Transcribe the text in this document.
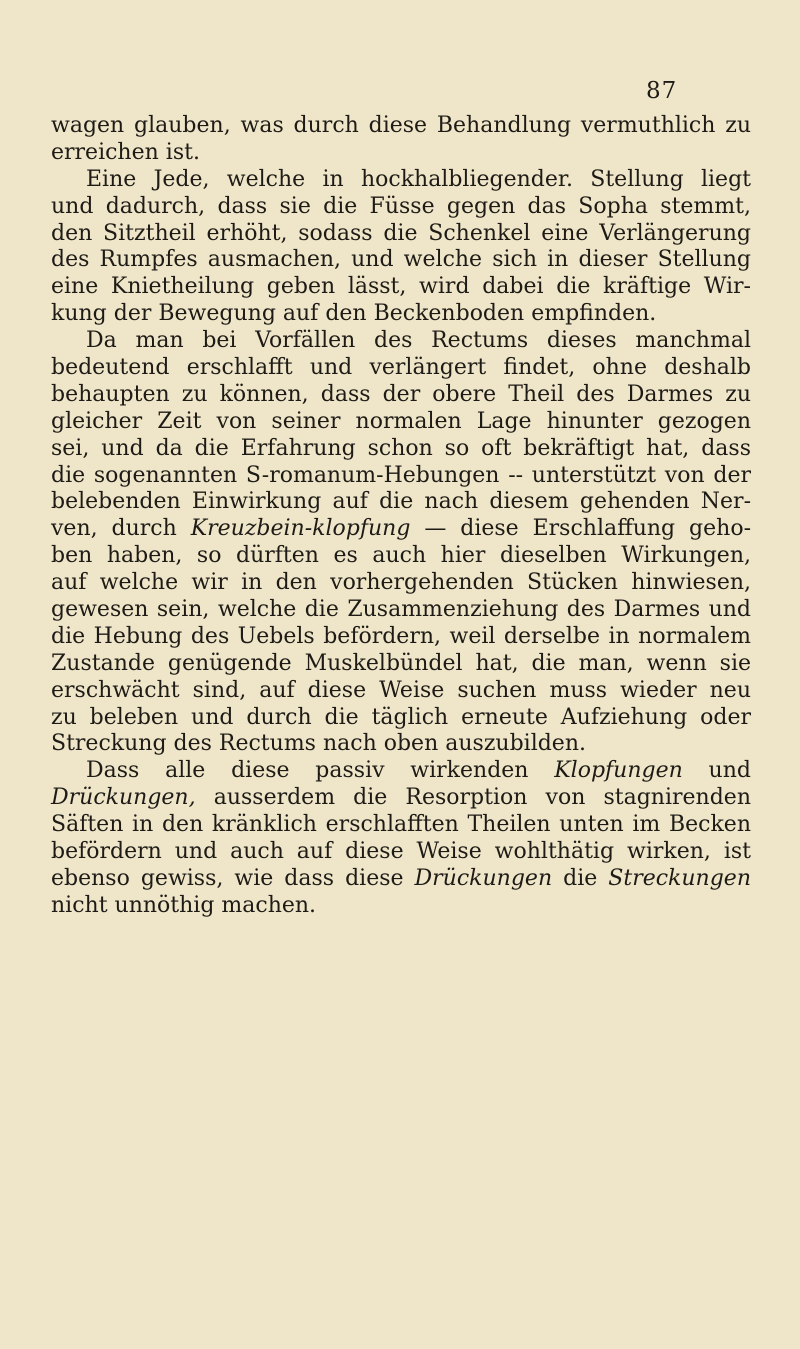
87
wagen glauben, was durch diese Behandlung vermuthlich zu
erreichen ist.
Eine Jede, welche in hockhalbliegender. Stellung liegt
und dadurch, dass sie die Füsse gegen das Sopha stemmt,
den Sitztheil erhöht, sodass die Schenkel eine Verlängerung
des Rumpfes ausmachen, und welche sich in dieser Stellung
eine Knietheilung geben lässt, wird dabei die kräftige Wir-
kung der Bewegung auf den Beckenboden empfinden.
Da man bei Vorfällen des Rectums dieses manchmal
bedeutend erschlafft und verlängert findet, ohne deshalb
behaupten zu können, dass der obere Theil des Darmes zu
gleicher Zeit von seiner normalen Lage hinunter gezogen
sei, und da die Erfahrung schon so oft bekräftigt hat, dass
die sogenannten S-romanum-Hebungen -- unterstützt von der
belebenden Einwirkung auf die nach diesem gehenden Ner-
ven, durch Kreuzbein-klopfung — diese Erschlaffung geho-
ben haben, so dürften es auch hier dieselben Wirkungen,
auf welche wir in den vorhergehenden Stücken hinwiesen,
gewesen sein, welche die Zusammenziehung des Darmes und
die Hebung des Uebels befördern, weil derselbe in normalem
Zustande genügende Muskelbündel hat, die man, wenn sie
erschwächt sind, auf diese Weise suchen muss wieder neu
zu beleben und durch die täglich erneute Aufziehung oder
Streckung des Rectums nach oben auszubilden.
Dass alle diese passiv wirkenden Klopfungen und
Drückungen, ausserdem die Resorption von stagnirenden
Säften in den kränklich erschlafften Theilen unten im Becken
befördern und auch auf diese Weise wohlthätig wirken, ist
ebenso gewiss, wie dass diese Drückungen die Streckungen
nicht unnöthig machen.
